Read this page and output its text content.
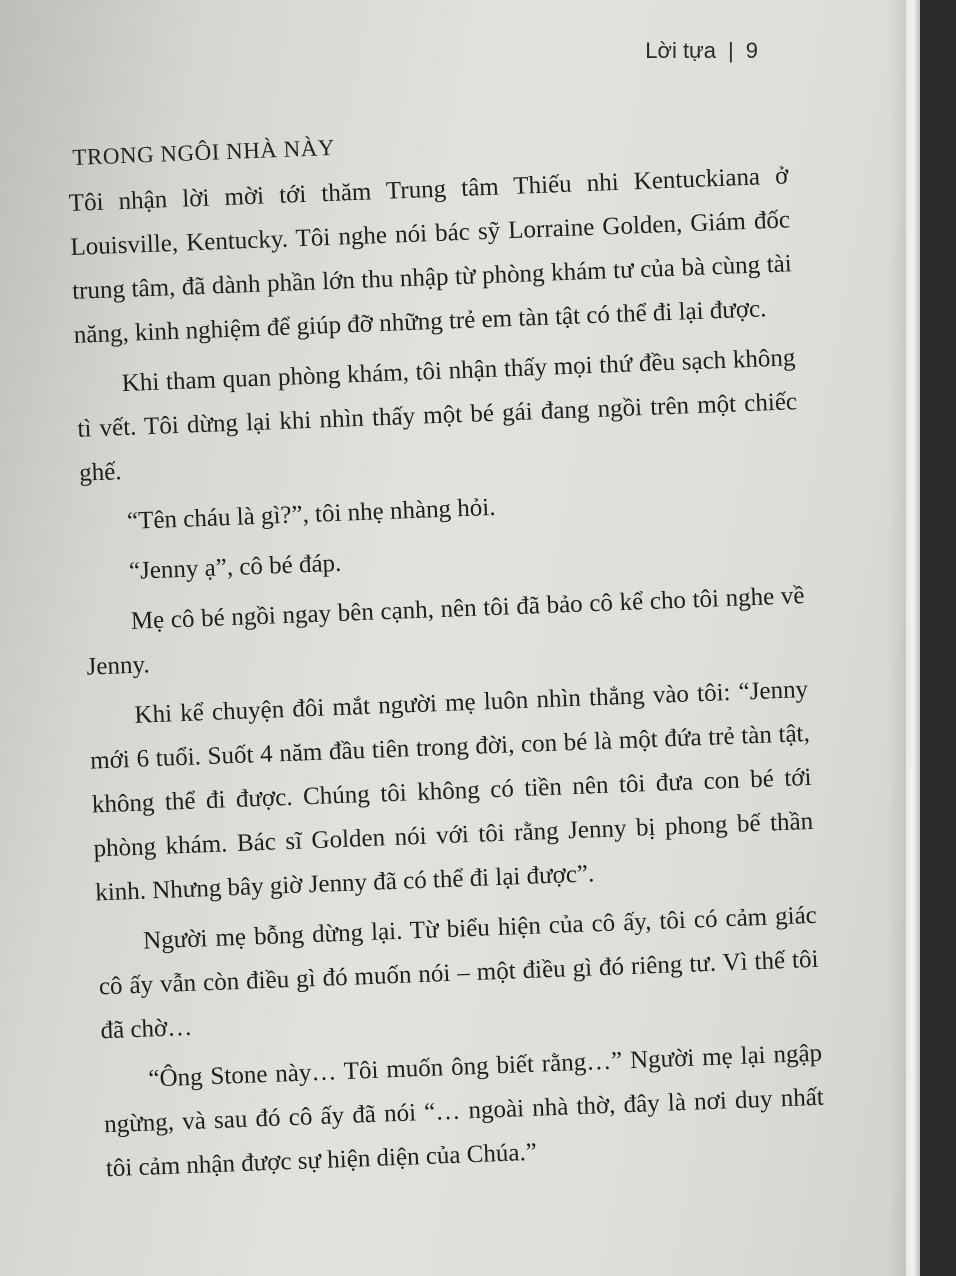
Lời tựa | 9
TRONG NGÔI NHÀ NÀY

Tôi nhận lời mời tới thăm Trung tâm Thiếu nhi Kentuckiana ở Louisville, Kentucky. Tôi nghe nói bác sỹ Lorraine Golden, Giám đốc trung tâm, đã dành phần lớn thu nhập từ phòng khám tư của bà cùng tài năng, kinh nghiệm để giúp đỡ những trẻ em tàn tật có thể đi lại được.

Khi tham quan phòng khám, tôi nhận thấy mọi thứ đều sạch không tì vết. Tôi dừng lại khi nhìn thấy một bé gái đang ngồi trên một chiếc ghế.

“Tên cháu là gì?”, tôi nhẹ nhàng hỏi.

“Jenny ạ”, cô bé đáp.

Mẹ cô bé ngồi ngay bên cạnh, nên tôi đã bảo cô kể cho tôi nghe về Jenny.

Khi kể chuyện đôi mắt người mẹ luôn nhìn thẳng vào tôi: “Jenny mới 6 tuổi. Suốt 4 năm đầu tiên trong đời, con bé là một đứa trẻ tàn tật, không thể đi được. Chúng tôi không có tiền nên tôi đưa con bé tới phòng khám. Bác sĩ Golden nói với tôi rằng Jenny bị phong bế thần kinh. Nhưng bây giờ Jenny đã có thể đi lại được”.

Người mẹ bỗng dừng lại. Từ biểu hiện của cô ấy, tôi có cảm giác cô ấy vẫn còn điều gì đó muốn nói – một điều gì đó riêng tư. Vì thế tôi đã chờ…

“Ông Stone này… Tôi muốn ông biết rằng…” Người mẹ lại ngập ngừng, và sau đó cô ấy đã nói “… ngoài nhà thờ, đây là nơi duy nhất tôi cảm nhận được sự hiện diện của Chúa.”
